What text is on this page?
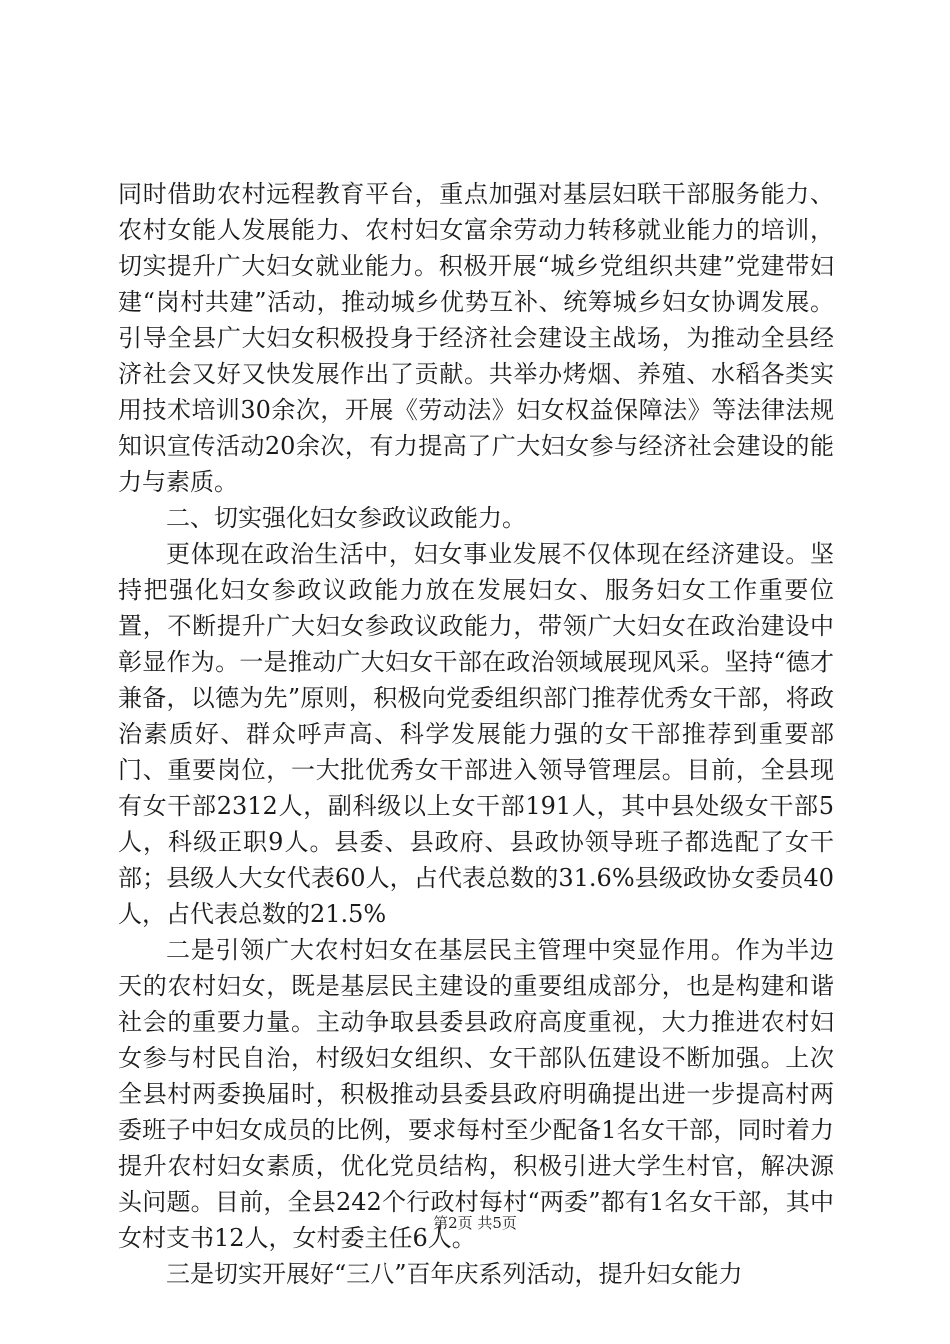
同时借助农村远程教育平台，重点加强对基层妇联干部服务能力、农村女能人发展能力、农村妇女富余劳动力转移就业能力的培训，切实提升广大妇女就业能力。积极开展“城乡党组织共建”党建带妇建“岗村共建”活动，推动城乡优势互补、统筹城乡妇女协调发展。引导全县广大妇女积极投身于经济社会建设主战场，为推动全县经济社会又好又快发展作出了贡献。共举办烤烟、养殖、水稻各类实用技术培训30余次，开展《劳动法》妇女权益保障法》等法律法规知识宣传活动20余次，有力提高了广大妇女参与经济社会建设的能力与素质。

二、切实强化妇女参政议政能力。

更体现在政治生活中，妇女事业发展不仅体现在经济建设。坚持把强化妇女参政议政能力放在发展妇女、服务妇女工作重要位置，不断提升广大妇女参政议政能力，带领广大妇女在政治建设中彰显作为。一是推动广大妇女干部在政治领域展现风采。坚持“德才兼备，以德为先”原则，积极向党委组织部门推荐优秀女干部，将政治素质好、群众呼声高、科学发展能力强的女干部推荐到重要部门、重要岗位，一大批优秀女干部进入领导管理层。目前，全县现有女干部2312人，副科级以上女干部191人，其中县处级女干部5人，科级正职9人。县委、县政府、县政协领导班子都选配了女干部；县级人大女代表60人，占代表总数的31.6%县级政协女委员40人，占代表总数的21.5%

二是引领广大农村妇女在基层民主管理中突显作用。作为半边天的农村妇女，既是基层民主建设的重要组成部分，也是构建和谐社会的重要力量。主动争取县委县政府高度重视，大力推进农村妇女参与村民自治，村级妇女组织、女干部队伍建设不断加强。上次全县村两委换届时，积极推动县委县政府明确提出进一步提高村两委班子中妇女成员的比例，要求每村至少配备1名女干部，同时着力提升农村妇女素质，优化党员结构，积极引进大学生村官，解决源头问题。目前，全县242个行政村每村“两委”都有1名女干部，其中女村支书12人，女村委主任6人。

三是切实开展好“三八”百年庆系列活动，提升妇女能力

第2页 共5页
